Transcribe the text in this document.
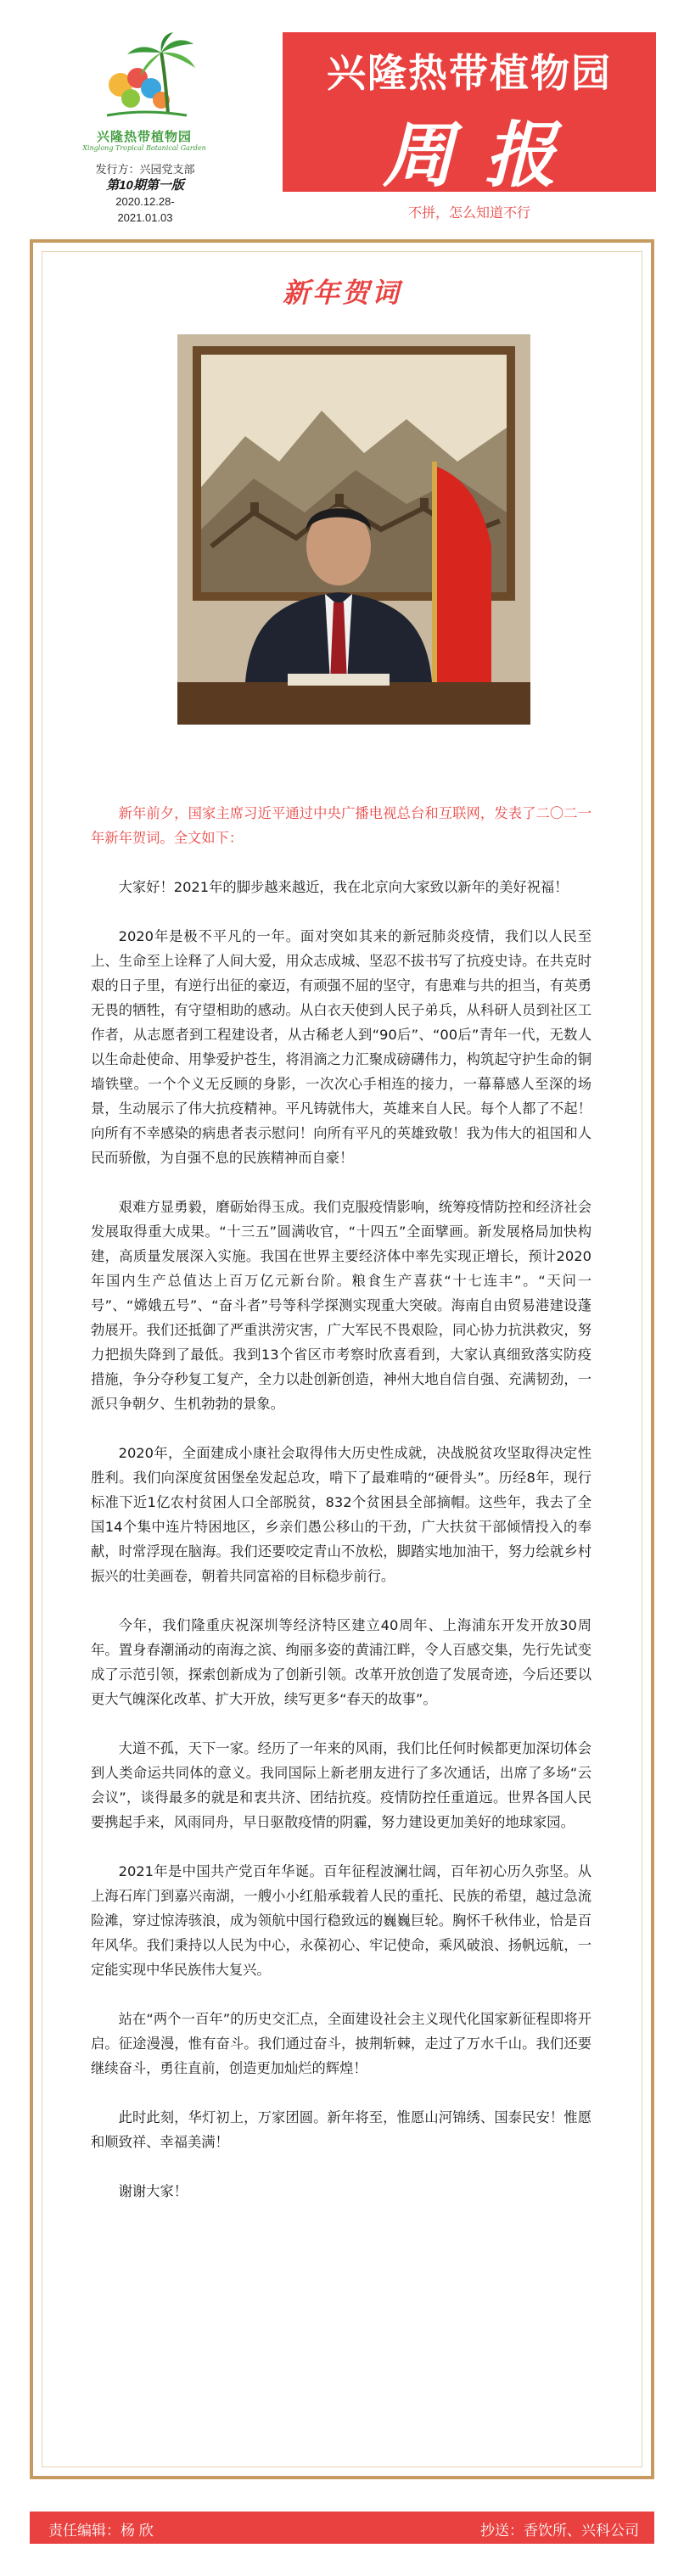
兴隆热带植物园
Xinglong Tropical Botanical Garden
发行方：兴园党支部
第10期第一版
2020.12.28-
2021.01.03
兴隆热带植物园
周报
不拼，怎么知道不行
新年贺词

新年前夕，国家主席习近平通过中央广播电视总台和互联网，发表了二〇二一年新年贺词。全文如下：

大家好！2021年的脚步越来越近，我在北京向大家致以新年的美好祝福！

2020年是极不平凡的一年。面对突如其来的新冠肺炎疫情，我们以人民至上、生命至上诠释了人间大爱，用众志成城、坚忍不拔书写了抗疫史诗。在共克时艰的日子里，有逆行出征的豪迈，有顽强不屈的坚守，有患难与共的担当，有英勇无畏的牺牲，有守望相助的感动。从白衣天使到人民子弟兵，从科研人员到社区工作者，从志愿者到工程建设者，从古稀老人到“90后”、“00后”青年一代，无数人以生命赴使命、用挚爱护苍生，将涓滴之力汇聚成磅礴伟力，构筑起守护生命的铜墙铁壁。一个个义无反顾的身影，一次次心手相连的接力，一幕幕感人至深的场景，生动展示了伟大抗疫精神。平凡铸就伟大，英雄来自人民。每个人都了不起！向所有不幸感染的病患者表示慰问！向所有平凡的英雄致敬！我为伟大的祖国和人民而骄傲，为自强不息的民族精神而自豪！

艰难方显勇毅，磨砺始得玉成。我们克服疫情影响，统筹疫情防控和经济社会发展取得重大成果。“十三五”圆满收官，“十四五”全面擘画。新发展格局加快构建，高质量发展深入实施。我国在世界主要经济体中率先实现正增长，预计2020年国内生产总值达上百万亿元新台阶。粮食生产喜获“十七连丰”。“天问一号”、“嫦娥五号”、“奋斗者”号等科学探测实现重大突破。海南自由贸易港建设蓬勃展开。我们还抵御了严重洪涝灾害，广大军民不畏艰险，同心协力抗洪救灾，努力把损失降到了最低。我到13个省区市考察时欣喜看到，大家认真细致落实防疫措施，争分夺秒复工复产，全力以赴创新创造，神州大地自信自强、充满韧劲，一派只争朝夕、生机勃勃的景象。

2020年，全面建成小康社会取得伟大历史性成就，决战脱贫攻坚取得决定性胜利。我们向深度贫困堡垒发起总攻，啃下了最难啃的“硬骨头”。历经8年，现行标准下近1亿农村贫困人口全部脱贫，832个贫困县全部摘帽。这些年，我去了全国14个集中连片特困地区，乡亲们愚公移山的干劲，广大扶贫干部倾情投入的奉献，时常浮现在脑海。我们还要咬定青山不放松，脚踏实地加油干，努力绘就乡村振兴的壮美画卷，朝着共同富裕的目标稳步前行。

今年，我们隆重庆祝深圳等经济特区建立40周年、上海浦东开发开放30周年。置身春潮涌动的南海之滨、绚丽多姿的黄浦江畔，令人百感交集，先行先试变成了示范引领，探索创新成为了创新引领。改革开放创造了发展奇迹，今后还要以更大气魄深化改革、扩大开放，续写更多“春天的故事”。

大道不孤，天下一家。经历了一年来的风雨，我们比任何时候都更加深切体会到人类命运共同体的意义。我同国际上新老朋友进行了多次通话，出席了多场“云会议”，谈得最多的就是和衷共济、团结抗疫。疫情防控任重道远。世界各国人民要携起手来，风雨同舟，早日驱散疫情的阴霾，努力建设更加美好的地球家园。

2021年是中国共产党百年华诞。百年征程波澜壮阔，百年初心历久弥坚。从上海石库门到嘉兴南湖，一艘小小红船承载着人民的重托、民族的希望，越过急流险滩，穿过惊涛骇浪，成为领航中国行稳致远的巍巍巨轮。胸怀千秋伟业，恰是百年风华。我们秉持以人民为中心，永葆初心、牢记使命，乘风破浪、扬帆远航，一定能实现中华民族伟大复兴。

站在“两个一百年”的历史交汇点，全面建设社会主义现代化国家新征程即将开启。征途漫漫，惟有奋斗。我们通过奋斗，披荆斩棘，走过了万水千山。我们还要继续奋斗，勇往直前，创造更加灿烂的辉煌！

此时此刻，华灯初上，万家团圆。新年将至，惟愿山河锦绣、国泰民安！惟愿和顺致祥、幸福美满！

谢谢大家！

责任编辑：杨 欣	抄送：香饮所、兴科公司
